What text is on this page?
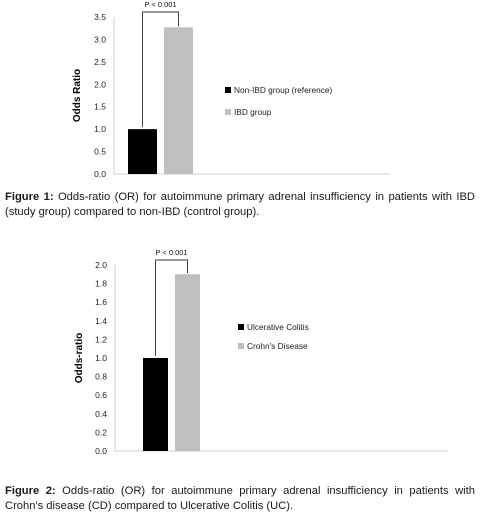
Odds Ratio
0.0
0.5
1.0
1.5
2.0
2.5
3.0
3.5
P < 0.001
Non-IBD group (reference)
IBD group
Figure 1: Odds-ratio (OR) for autoimmune primary adrenal insufficiency in patients with IBD (study group) compared to non-IBD (control group).
Odds-ratio
0.0
0.2
0.4
0.6
0.8
1.0
1.2
1.4
1.6
1.8
2.0
P < 0.001
Ulcerative Colitis
Crohn's Disease
Figure 2: Odds-ratio (OR) for autoimmune primary adrenal insufficiency in patients with Crohn's disease (CD) compared to Ulcerative Colitis (UC).
